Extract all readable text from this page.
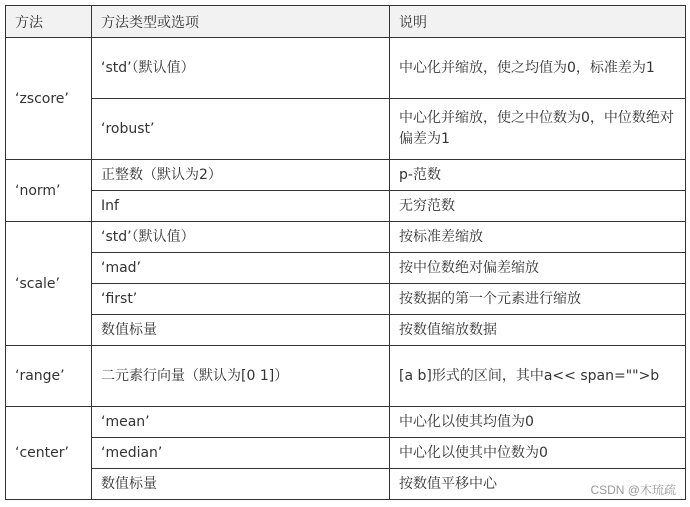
方法	方法类型或选项	说明
‘zscore’	‘std’（默认值）	中心化并缩放，使之均值为0，标准差为1
	‘robust’	中心化并缩放，使之中位数为0，中位数绝对偏差为1
‘norm’	正整数（默认为2）	p-范数
	Inf	无穷范数
‘scale’	‘std’（默认值）	按标准差缩放
	‘mad’	按中位数绝对偏差缩放
	‘first’	按数据的第一个元素进行缩放
	数值标量	按数值缩放数据
‘range’	二元素行向量（默认为[0 1]）	[a b]形式的区间，其中a<< span="">b
‘center’	‘mean’	中心化以使其均值为0
	‘median’	中心化以使其中位数为0
	数值标量	按数值平移中心	CSDN @木琉疏
